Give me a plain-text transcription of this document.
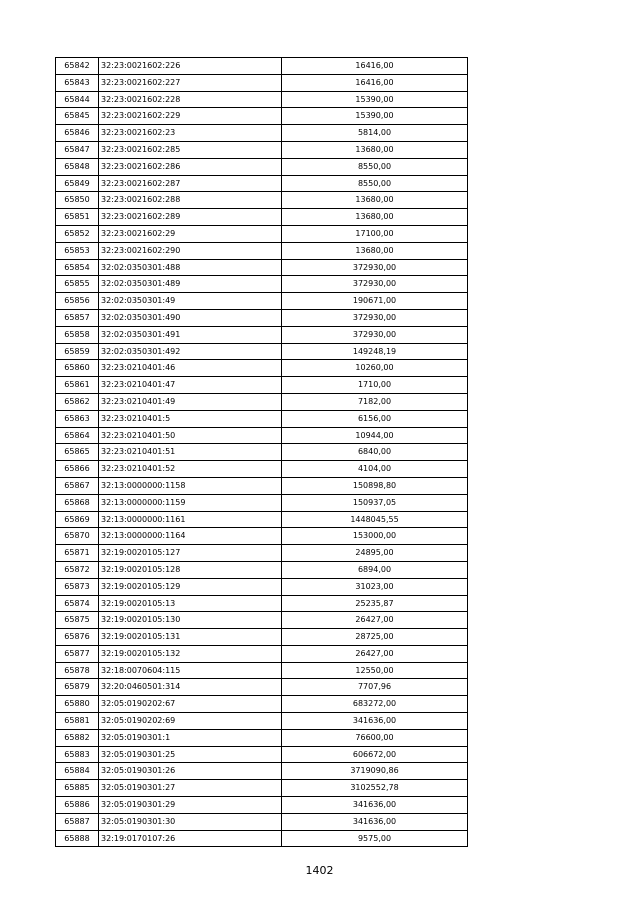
65842	32:23:0021602:226	16416,00
65843	32:23:0021602:227	16416,00
65844	32:23:0021602:228	15390,00
65845	32:23:0021602:229	15390,00
65846	32:23:0021602:23	5814,00
65847	32:23:0021602:285	13680,00
65848	32:23:0021602:286	8550,00
65849	32:23:0021602:287	8550,00
65850	32:23:0021602:288	13680,00
65851	32:23:0021602:289	13680,00
65852	32:23:0021602:29	17100,00
65853	32:23:0021602:290	13680,00
65854	32:02:0350301:488	372930,00
65855	32:02:0350301:489	372930,00
65856	32:02:0350301:49	190671,00
65857	32:02:0350301:490	372930,00
65858	32:02:0350301:491	372930,00
65859	32:02:0350301:492	149248,19
65860	32:23:0210401:46	10260,00
65861	32:23:0210401:47	1710,00
65862	32:23:0210401:49	7182,00
65863	32:23:0210401:5	6156,00
65864	32:23:0210401:50	10944,00
65865	32:23:0210401:51	6840,00
65866	32:23:0210401:52	4104,00
65867	32:13:0000000:1158	150898,80
65868	32:13:0000000:1159	150937,05
65869	32:13:0000000:1161	1448045,55
65870	32:13:0000000:1164	153000,00
65871	32:19:0020105:127	24895,00
65872	32:19:0020105:128	6894,00
65873	32:19:0020105:129	31023,00
65874	32:19:0020105:13	25235,87
65875	32:19:0020105:130	26427,00
65876	32:19:0020105:131	28725,00
65877	32:19:0020105:132	26427,00
65878	32:18:0070604:115	12550,00
65879	32:20:0460501:314	7707,96
65880	32:05:0190202:67	683272,00
65881	32:05:0190202:69	341636,00
65882	32:05:0190301:1	76600,00
65883	32:05:0190301:25	606672,00
65884	32:05:0190301:26	3719090,86
65885	32:05:0190301:27	3102552,78
65886	32:05:0190301:29	341636,00
65887	32:05:0190301:30	341636,00
65888	32:19:0170107:26	9575,00
1402
